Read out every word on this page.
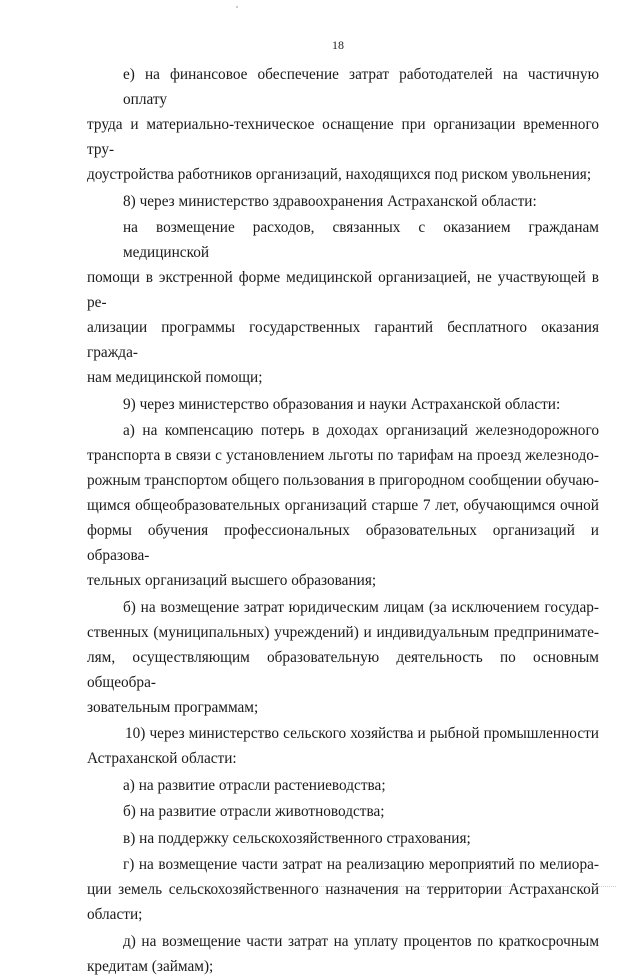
18
е) на финансовое обеспечение затрат работодателей на частичную оплату
труда и материально-техническое оснащение при организации временного тру-
доустройства работников организаций, находящихся под риском увольнения;
8) через министерство здравоохранения Астраханской области:
на возмещение расходов, связанных с оказанием гражданам медицинской
помощи в экстренной форме медицинской организацией, не участвующей в ре-
ализации программы государственных гарантий бесплатного оказания гражда-
нам медицинской помощи;
9) через министерство образования и науки Астраханской области:
а) на компенсацию потерь в доходах организаций железнодорожного
транспорта в связи с установлением льготы по тарифам на проезд железнодо-
рожным транспортом общего пользования в пригородном сообщении обучаю-
щимся общеобразовательных организаций старше 7 лет, обучающимся очной
формы обучения профессиональных образовательных организаций и образова-
тельных организаций высшего образования;
б) на возмещение затрат юридическим лицам (за исключением государ-
ственных (муниципальных) учреждений) и индивидуальным предпринимате-
лям, осуществляющим образовательную деятельность по основным общеобра-
зовательным программам;
10) через министерство сельского хозяйства и рыбной промышленности
Астраханской области:
а) на развитие отрасли растениеводства;
б) на развитие отрасли животноводства;
в) на поддержку сельскохозяйственного страхования;
г) на возмещение части затрат на реализацию мероприятий по мелиора-
ции земель сельскохозяйственного назначения на территории Астраханской
области;
д) на возмещение части затрат на уплату процентов по краткосрочным
кредитам (займам);
